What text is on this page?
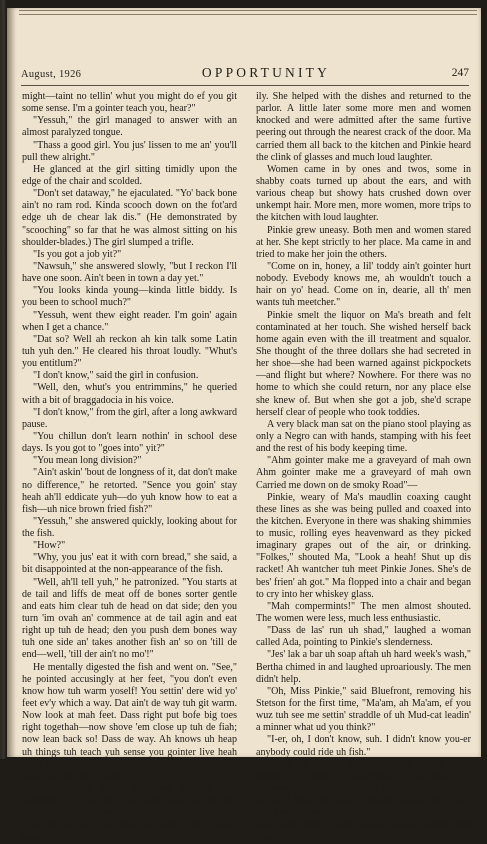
August, 1926	OPPORTUNITY	247

might—taint no tellin' whut you might do ef you git some sense. I'm a gointer teach you, hear?"

"Yessuh," the girl managed to answer with an almost paralyzed tongue.

"Thass a good girl. You jus' lissen to me an' you'll pull thew alright."

He glanced at the girl sitting timidly upon the edge of the chair and scolded.

"Don't set dataway," he ejaculated. "Yo' back bone ain't no ram rod. Kinda scooch down on the fot'ard edge uh de chear lak dis." (He demonstrated by "scooching" so far that he was almost sitting on his shoulder-blades.) The girl slumped a trifle.

"Is you got a job yit?"

"Nawsuh," she answered slowly, "but I reckon I'll have one soon. Ain't been in town a day yet."

"You looks kinda young—kinda little biddy. Is you been to school much?"

"Yessuh, went thew eight reader. I'm goin' again when I get a chance."

"Dat so? Well ah reckon ah kin talk some Latin tuh yuh den." He cleared his throat loudly. "Whut's you entitlum?"

"I don't know," said the girl in confusion.

"Well, den, whut's you entrimmins," he queried with a bit of braggadocia in his voice.

"I don't know," from the girl, after a long awkward pause.

"You chillun don't learn nothin' in school dese days. Is you got to "goes into" yit?"

"You mean long division?"

"Ain't askin' 'bout de longness of it, dat don't make no difference," he retorted. "Sence you goin' stay heah ah'll eddicate yuh—do yuh know how to eat a fish—uh nice brown fried fish?"

"Yessuh," she answered quickly, looking about for the fish.

"How?"

"Why, you jus' eat it with corn bread," she said, a bit disappointed at the non-appearance of the fish.

"Well, ah'll tell yuh," he patronized. "You starts at de tail and liffs de meat off de bones sorter gentle and eats him clear tuh de head on dat side; den you turn 'im ovah an' commence at de tail agin and eat right up tuh de head; den you push dem bones way tuh one side an' takes another fish an' so on 'till de end—well, 'till der ain't no mo'!"

He mentally digested the fish and went on. "See," he pointed accusingly at her feet, "you don't even know how tuh warm yoself! You settin' dere wid yo' feet ev'y which a way. Dat ain't de way tuh git warm. Now look at mah feet. Dass right put bofe big toes right togethah—now shove 'em close up tuh de fiah; now lean back so! Dass de way. Ah knows uh heap uh things tuh teach yuh sense you gointer live heah—ah learns all of 'em while de ole lady is paddlin' roun' out dere in de yard."

Ma appeared at the door and the old man withdrew so far into his rags that he all but disappeared. They went to supper where there was fried fish but forgot all rules for eating it and just ate heart-

ily. She helped with the dishes and returned to the parlor. A little later some more men and women knocked and were admitted after the same furtive peering out through the nearest crack of the door. Ma carried them all back to the kitchen and Pinkie heard the clink of glasses and much loud laughter.

Women came in by ones and twos, some in shabby coats turned up about the ears, and with various cheap but showy hats crushed down over unkempt hair. More men, more women, more trips to the kitchen with loud laughter.

Pinkie grew uneasy. Both men and women stared at her. She kept strictly to her place. Ma came in and tried to make her join the others.

"Come on in, honey, a lil' toddy ain't gointer hurt nobody. Evebody knows me, ah wouldn't touch a hair on yo' head. Come on in, dearie, all th' men wants tuh meetcher."

Pinkie smelt the liquor on Ma's breath and felt contaminated at her touch. She wished herself back home again even with the ill treatment and squalor. She thought of the three dollars she had secreted in her shoe—she had been warned against pickpockets—and flight but where? Nowhere. For there was no home to which she could return, nor any place else she knew of. But when she got a job, she'd scrape herself clear of people who took toddies.

A very black man sat on the piano stool playing as only a Negro can with hands, stamping with his feet and the rest of his body keeping time.

"Ahm gointer make me a graveyard of mah own Ahm gointer make me a graveyard of mah own Carried me down on de smoky Road"—

Pinkie, weary of Ma's maudlin coaxing caught these lines as she was being pulled and coaxed into the kitchen. Everyone in there was shaking shimmies to music, rolling eyes heavenward as they picked imaginary grapes out of the air, or drinking. "Folkes," shouted Ma, "Look a heah! Shut up dis racket! Ah wantcher tuh meet Pinkie Jones. She's de bes' frien' ah got." Ma flopped into a chair and began to cry into her whiskey glass.

"Mah compermints!" The men almost shouted. The women were less, much less enthusiastic.

"Dass de las' run uh shad," laughed a woman called Ada, pointing to Pinkie's slenderness.

"Jes' lak a bar uh soap aftah uh hard week's wash," Bertha chimed in and laughed uproariously. The men didn't help.

"Oh, Miss Pinkie," said Bluefront, removing his Stetson for the first time, "Ma'am, ah Ma'am, ef you wuz tuh see me settin' straddle of uh Mud-cat leadin' a minner what ud you think?"

"I-er, oh, I don't know, suh. I didn't know you-er anybody could ride uh fish."

"Stick uh roun' me, baby, an' you'll wear diamon's." Bluefront swaggered. "Look heah, lil' Pigmeat, youse some sharp! If you didn't had but one eye ah'd think you wuz a needle—thass how sharp you looks to me. Say, mah right foot is itchin'. Do dat mean ah'm gointer walk on some strange ground wid you?"
